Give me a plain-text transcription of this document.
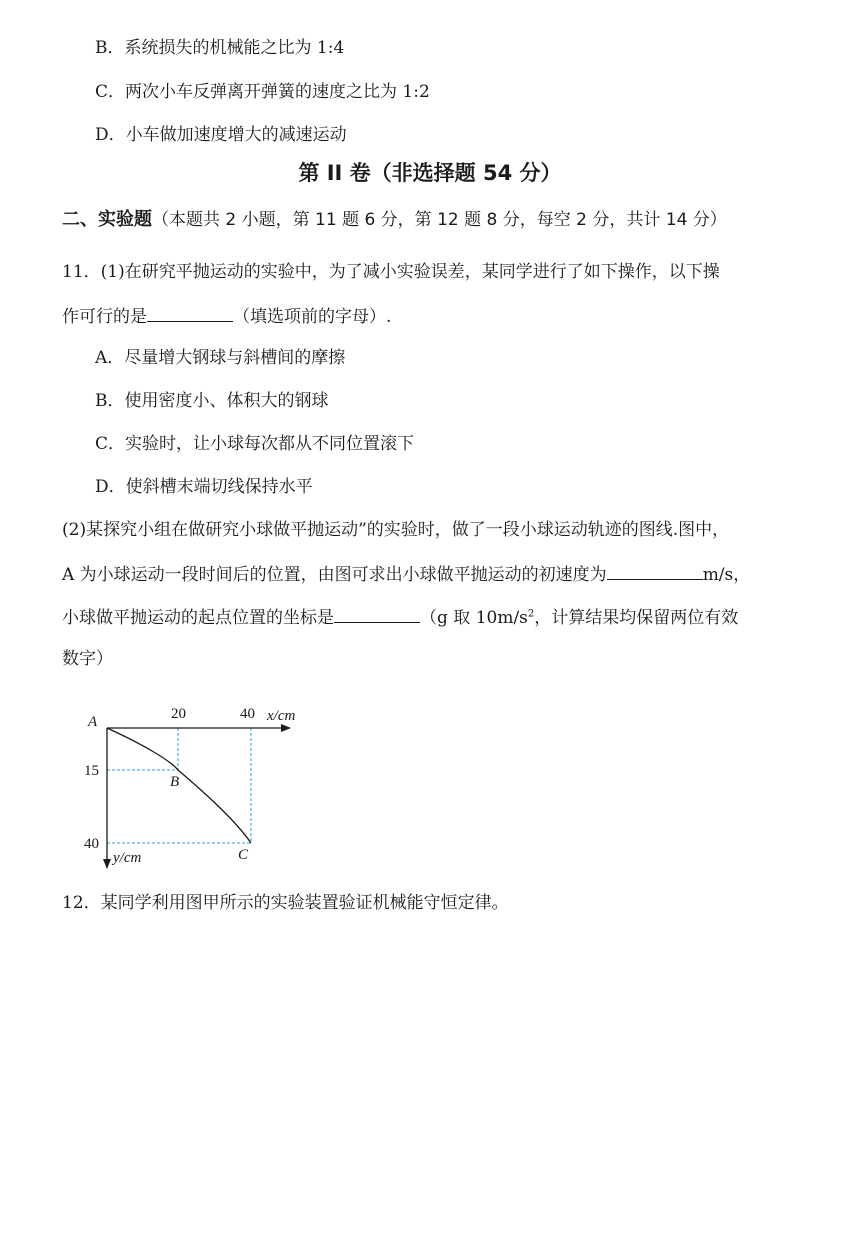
B．系统损失的机械能之比为 1:4
C．两次小车反弹离开弹簧的速度之比为 1:2
D．小车做加速度增大的减速运动
第 II 卷（非选择题 54 分）
二、实验题（本题共 2 小题，第 11 题 6 分，第 12 题 8 分，每空 2 分，共计 14 分）
11．(1)在研究平抛运动的实验中，为了减小实验误差，某同学进行了如下操作，以下操
作可行的是	（填选项前的字母）.
A．尽量增大钢球与斜槽间的摩擦
B．使用密度小、体积大的钢球
C．实验时，让小球每次都从不同位置滚下
D．使斜槽末端切线保持水平
(2)某探究小组在做研究小球做平抛运动”的实验时，做了一段小球运动轨迹的图线.图中，
A 为小球运动一段时间后的位置，由图可求出小球做平抛运动的初速度为	m/s，
小球做平抛运动的起点位置的坐标是	（g 取 $10m/s^2$，计算结果均保留两位有效
数字）
20	40 x/cm
15
40
y/cm
A
B
C
12．某同学利用图甲所示的实验装置验证机械能守恒定律。
